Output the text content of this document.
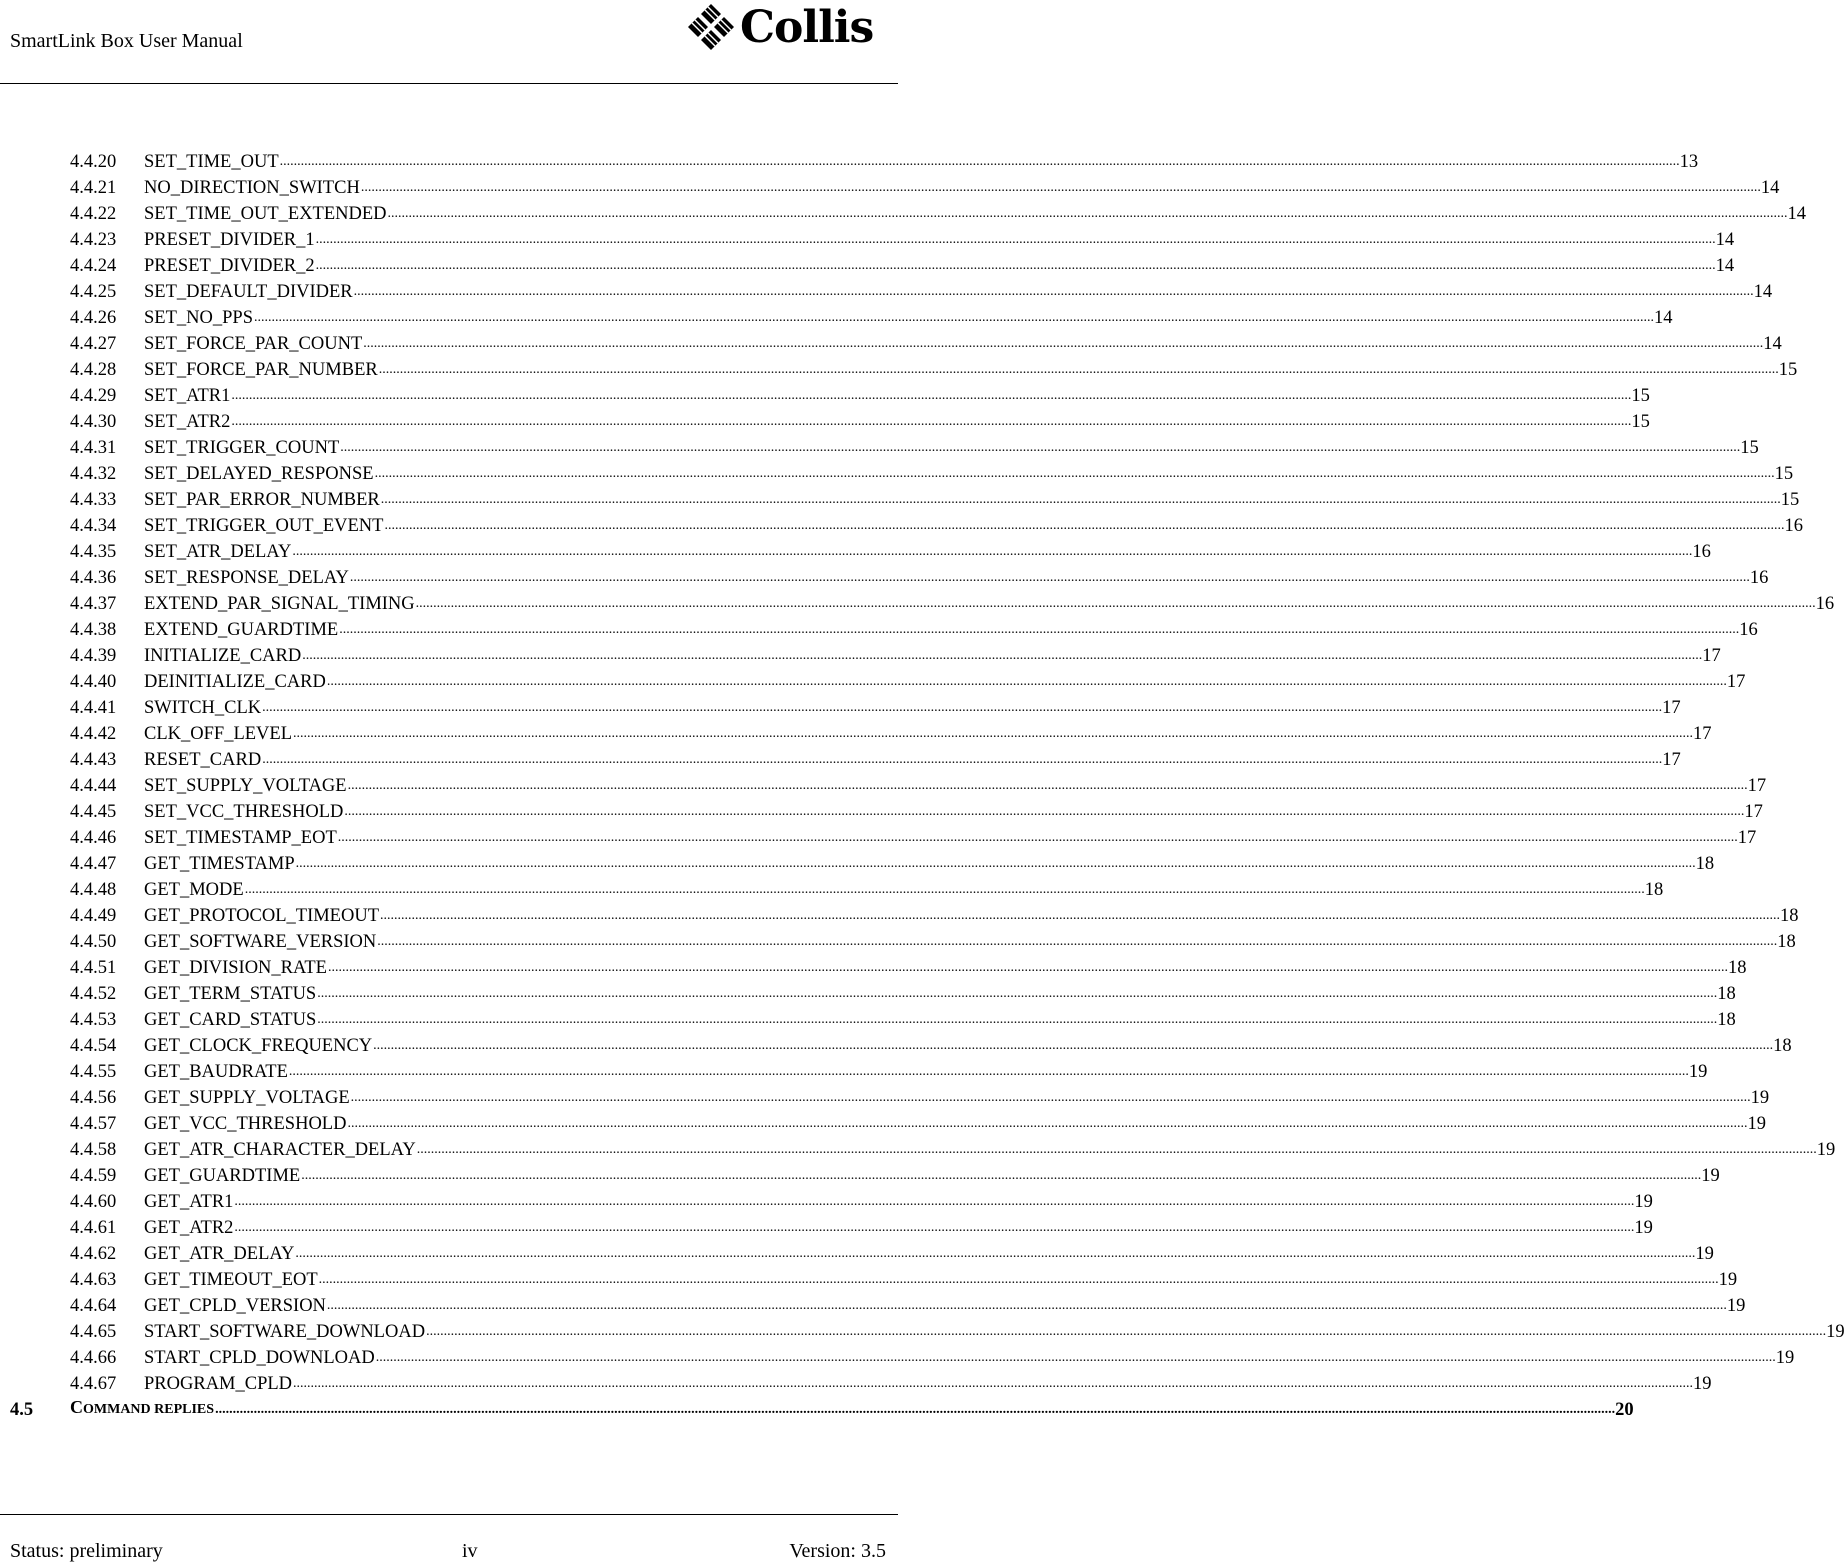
SmartLink Box User Manual	Collis
4.4.20 SET_TIME_OUT ................................................................................................................................................................................................................................................................................................................................................................................................................ 13
4.4.21 NO_DIRECTION_SWITCH ................................................................................................................................................................................................................................................................................................................................................................................................................ 14
4.4.22 SET_TIME_OUT_EXTENDED ................................................................................................................................................................................................................................................................................................................................................................................................................ 14
4.4.23 PRESET_DIVIDER_1 ................................................................................................................................................................................................................................................................................................................................................................................................................ 14
4.4.24 PRESET_DIVIDER_2 ................................................................................................................................................................................................................................................................................................................................................................................................................ 14
4.4.25 SET_DEFAULT_DIVIDER ................................................................................................................................................................................................................................................................................................................................................................................................................ 14
4.4.26 SET_NO_PPS ................................................................................................................................................................................................................................................................................................................................................................................................................ 14
4.4.27 SET_FORCE_PAR_COUNT ................................................................................................................................................................................................................................................................................................................................................................................................................ 14
4.4.28 SET_FORCE_PAR_NUMBER ................................................................................................................................................................................................................................................................................................................................................................................................................ 15
4.4.29 SET_ATR1 ................................................................................................................................................................................................................................................................................................................................................................................................................ 15
4.4.30 SET_ATR2 ................................................................................................................................................................................................................................................................................................................................................................................................................ 15
4.4.31 SET_TRIGGER_COUNT ................................................................................................................................................................................................................................................................................................................................................................................................................ 15
4.4.32 SET_DELAYED_RESPONSE ................................................................................................................................................................................................................................................................................................................................................................................................................ 15
4.4.33 SET_PAR_ERROR_NUMBER ................................................................................................................................................................................................................................................................................................................................................................................................................ 15
4.4.34 SET_TRIGGER_OUT_EVENT ................................................................................................................................................................................................................................................................................................................................................................................................................ 16
4.4.35 SET_ATR_DELAY ................................................................................................................................................................................................................................................................................................................................................................................................................ 16
4.4.36 SET_RESPONSE_DELAY ................................................................................................................................................................................................................................................................................................................................................................................................................ 16
4.4.37 EXTEND_PAR_SIGNAL_TIMING ................................................................................................................................................................................................................................................................................................................................................................................................................ 16
4.4.38 EXTEND_GUARDTIME ................................................................................................................................................................................................................................................................................................................................................................................................................ 16
4.4.39 INITIALIZE_CARD ................................................................................................................................................................................................................................................................................................................................................................................................................ 17
4.4.40 DEINITIALIZE_CARD ................................................................................................................................................................................................................................................................................................................................................................................................................ 17
4.4.41 SWITCH_CLK ................................................................................................................................................................................................................................................................................................................................................................................................................ 17
4.4.42 CLK_OFF_LEVEL ................................................................................................................................................................................................................................................................................................................................................................................................................ 17
4.4.43 RESET_CARD ................................................................................................................................................................................................................................................................................................................................................................................................................ 17
4.4.44 SET_SUPPLY_VOLTAGE ................................................................................................................................................................................................................................................................................................................................................................................................................ 17
4.4.45 SET_VCC_THRESHOLD ................................................................................................................................................................................................................................................................................................................................................................................................................ 17
4.4.46 SET_TIMESTAMP_EOT ................................................................................................................................................................................................................................................................................................................................................................................................................ 17
4.4.47 GET_TIMESTAMP ................................................................................................................................................................................................................................................................................................................................................................................................................ 18
4.4.48 GET_MODE ................................................................................................................................................................................................................................................................................................................................................................................................................ 18
4.4.49 GET_PROTOCOL_TIMEOUT ................................................................................................................................................................................................................................................................................................................................................................................................................ 18
4.4.50 GET_SOFTWARE_VERSION ................................................................................................................................................................................................................................................................................................................................................................................................................ 18
4.4.51 GET_DIVISION_RATE ................................................................................................................................................................................................................................................................................................................................................................................................................ 18
4.4.52 GET_TERM_STATUS ................................................................................................................................................................................................................................................................................................................................................................................................................ 18
4.4.53 GET_CARD_STATUS ................................................................................................................................................................................................................................................................................................................................................................................................................ 18
4.4.54 GET_CLOCK_FREQUENCY ................................................................................................................................................................................................................................................................................................................................................................................................................ 18
4.4.55 GET_BAUDRATE ................................................................................................................................................................................................................................................................................................................................................................................................................ 19
4.4.56 GET_SUPPLY_VOLTAGE ................................................................................................................................................................................................................................................................................................................................................................................................................ 19
4.4.57 GET_VCC_THRESHOLD ................................................................................................................................................................................................................................................................................................................................................................................................................ 19
4.4.58 GET_ATR_CHARACTER_DELAY ................................................................................................................................................................................................................................................................................................................................................................................................................ 19
4.4.59 GET_GUARDTIME ................................................................................................................................................................................................................................................................................................................................................................................................................ 19
4.4.60 GET_ATR1 ................................................................................................................................................................................................................................................................................................................................................................................................................ 19
4.4.61 GET_ATR2 ................................................................................................................................................................................................................................................................................................................................................................................................................ 19
4.4.62 GET_ATR_DELAY ................................................................................................................................................................................................................................................................................................................................................................................................................ 19
4.4.63 GET_TIMEOUT_EOT ................................................................................................................................................................................................................................................................................................................................................................................................................ 19
4.4.64 GET_CPLD_VERSION ................................................................................................................................................................................................................................................................................................................................................................................................................ 19
4.4.65 START_SOFTWARE_DOWNLOAD ................................................................................................................................................................................................................................................................................................................................................................................................................ 19
4.4.66 START_CPLD_DOWNLOAD ................................................................................................................................................................................................................................................................................................................................................................................................................ 19
4.4.67 PROGRAM_CPLD ................................................................................................................................................................................................................................................................................................................................................................................................................ 19
4.5 COMMAND REPLIES ................................................................................................................................................................................................................................................................................................................................................................................................................ 20
Status: preliminary	iv	Version: 3.5
